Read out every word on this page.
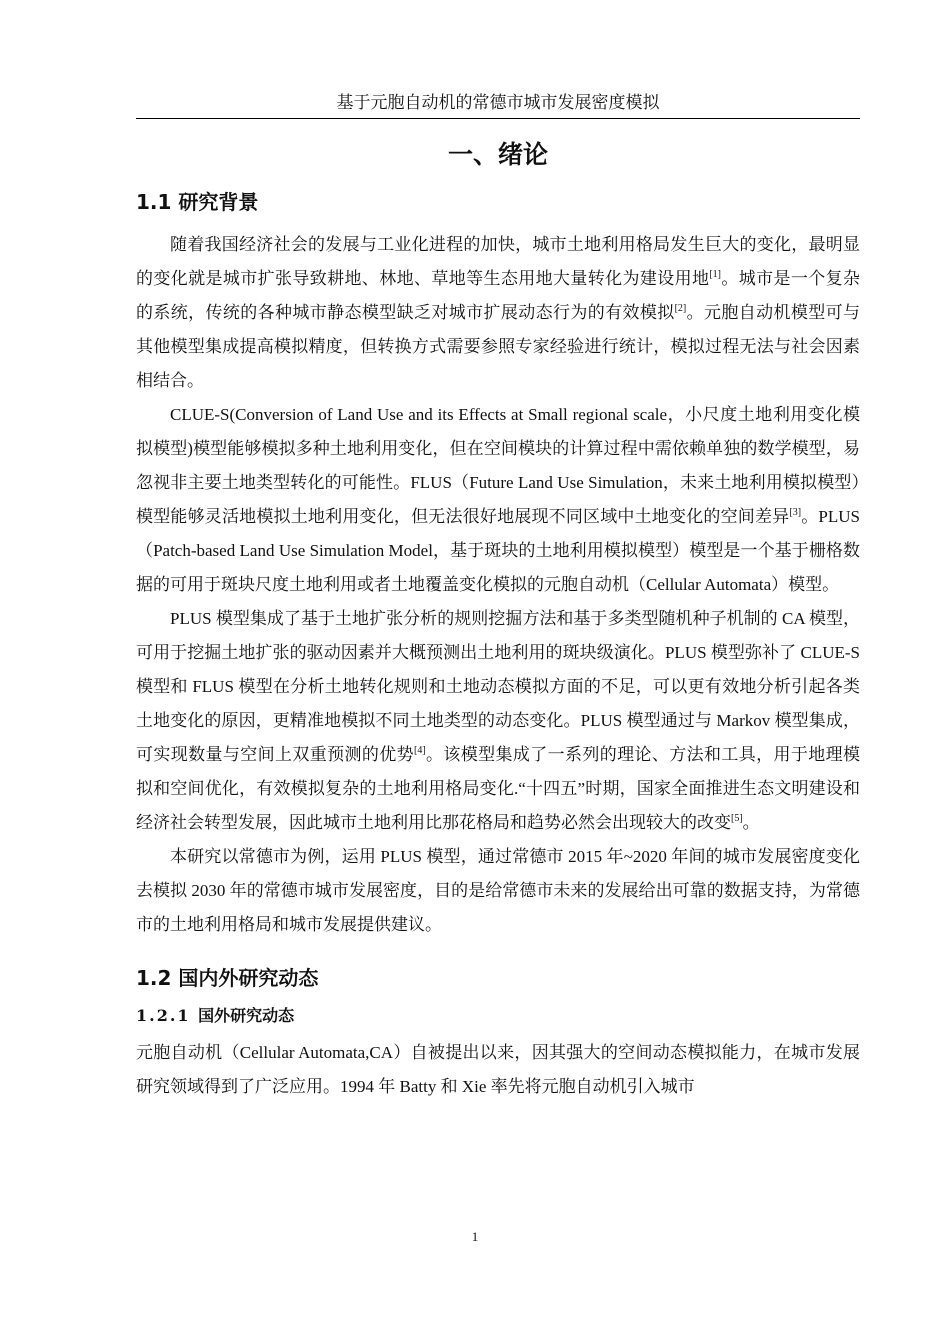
基于元胞自动机的常德市城市发展密度模拟
一、绪论
1.1 研究背景

随着我国经济社会的发展与工业化进程的加快，城市土地利用格局发生巨大的变化，最明显的变化就是城市扩张导致耕地、林地、草地等生态用地大量转化为建设用地[1]。城市是一个复杂的系统，传统的各种城市静态模型缺乏对城市扩展动态行为的有效模拟[2]。元胞自动机模型可与其他模型集成提高模拟精度，但转换方式需要参照专家经验进行统计，模拟过程无法与社会因素相结合。

CLUE-S(Conversion of Land Use and its Effects at Small regional scale，小尺度土地利用变化模拟模型)模型能够模拟多种土地利用变化，但在空间模块的计算过程中需依赖单独的数学模型，易忽视非主要土地类型转化的可能性。FLUS（Future Land Use Simulation，未来土地利用模拟模型）模型能够灵活地模拟土地利用变化，但无法很好地展现不同区域中土地变化的空间差异[3]。PLUS（Patch-based Land Use Simulation Model，基于斑块的土地利用模拟模型）模型是一个基于栅格数据的可用于斑块尺度土地利用或者土地覆盖变化模拟的元胞自动机（Cellular Automata）模型。

PLUS 模型集成了基于土地扩张分析的规则挖掘方法和基于多类型随机种子机制的 CA 模型，可用于挖掘土地扩张的驱动因素并大概预测出土地利用的斑块级演化。PLUS 模型弥补了 CLUE-S 模型和 FLUS 模型在分析土地转化规则和土地动态模拟方面的不足，可以更有效地分析引起各类土地变化的原因，更精准地模拟不同土地类型的动态变化。PLUS 模型通过与 Markov 模型集成，可实现数量与空间上双重预测的优势[4]。该模型集成了一系列的理论、方法和工具，用于地理模拟和空间优化，有效模拟复杂的土地利用格局变化.“十四五”时期，国家全面推进生态文明建设和经济社会转型发展，因此城市土地利用比那花格局和趋势必然会出现较大的改变[5]。

本研究以常德市为例，运用 PLUS 模型，通过常德市 2015 年~2020 年间的城市发展密度变化去模拟 2030 年的常德市城市发展密度，目的是给常德市未来的发展给出可靠的数据支持，为常德市的土地利用格局和城市发展提供建议。

1.2 国内外研究动态
1.2.1 国外研究动态

元胞自动机（Cellular Automata,CA）自被提出以来，因其强大的空间动态模拟能力，在城市发展研究领域得到了广泛应用。1994 年 Batty 和 Xie 率先将元胞自动机引入城市

1
